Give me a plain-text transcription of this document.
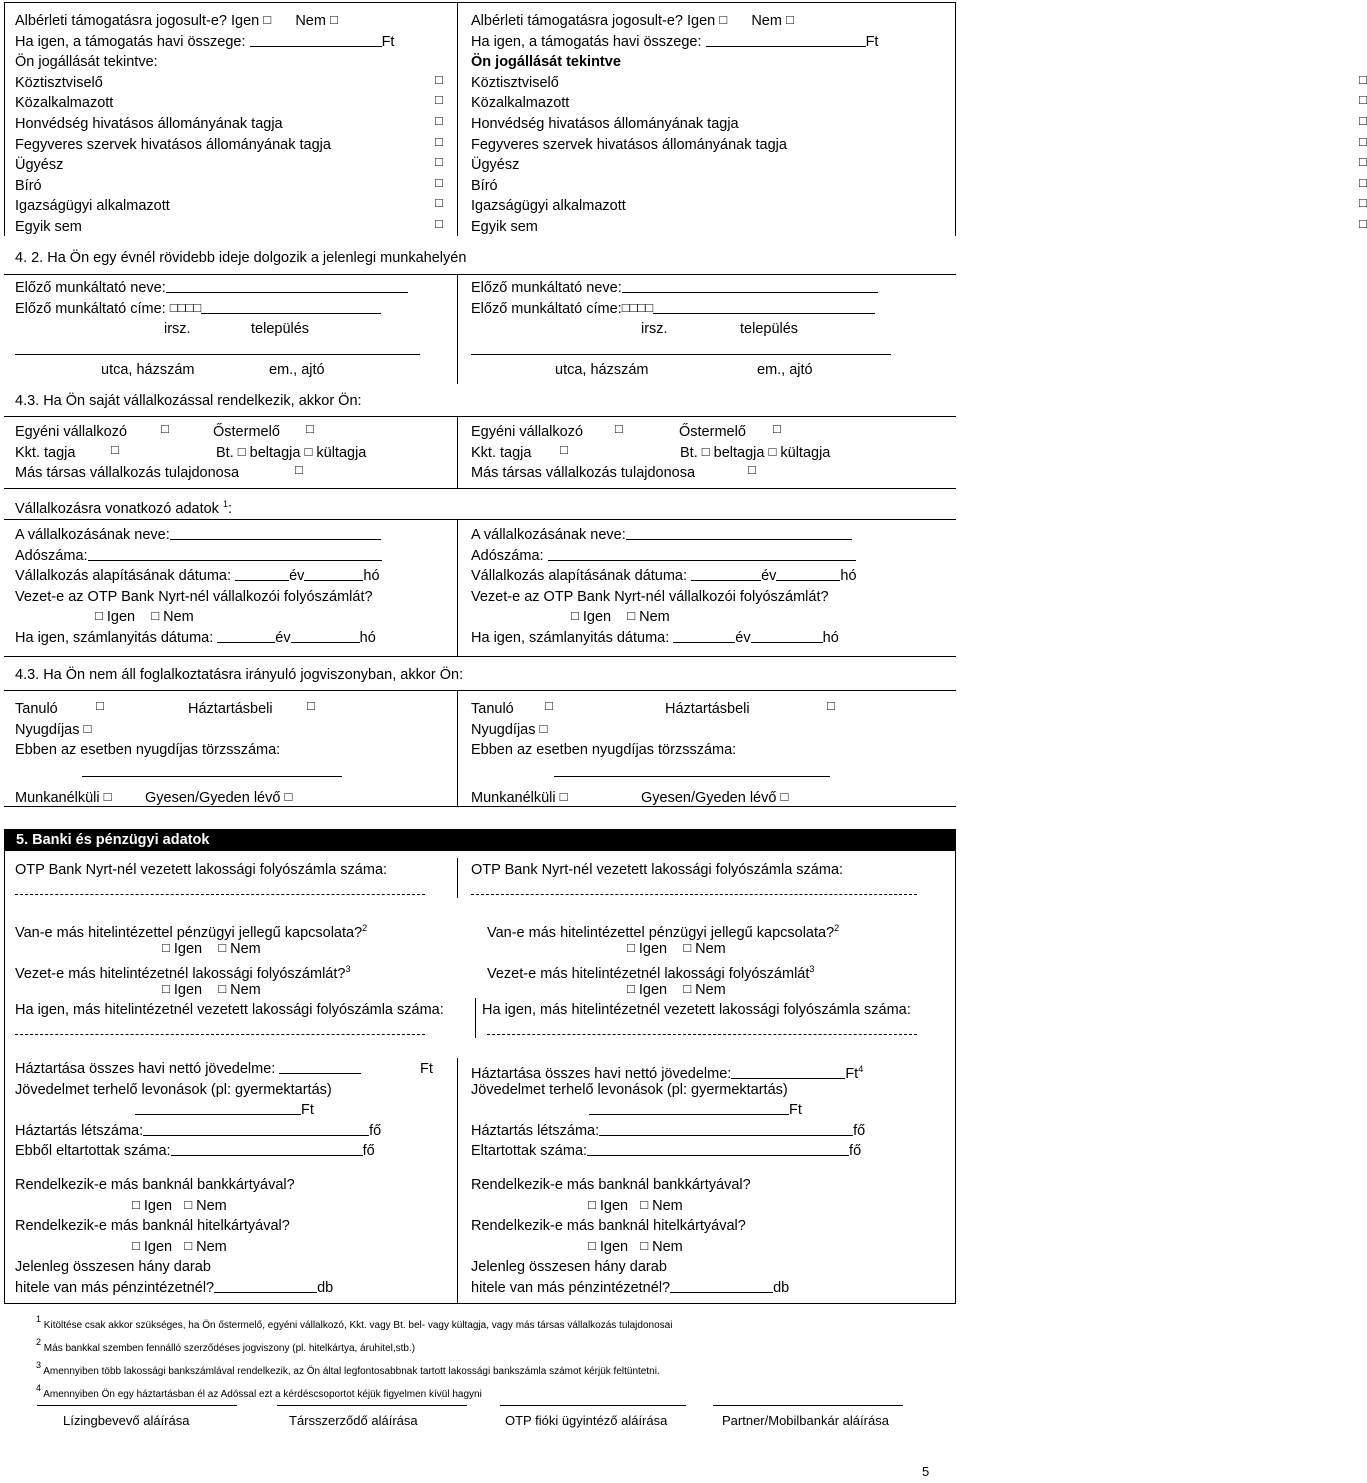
Albérleti támogatásra jogosult-e? Igen □ Nem □
Ha igen, a támogatás havi összege:	Ft
Ön jogállását tekintve:
Köztisztviselő	□
Közalkalmazott	□
Honvédség hivatásos állományának tagja	□
Fegyveres szervek hivatásos állományának tagja	□
Ügyész	□
Bíró	□
Igazságügyi alkalmazott	□
Egyik sem	□
Albérleti támogatásra jogosult-e? Igen □ Nem □
Ha igen, a támogatás havi összege:	Ft
Ön jogállását tekintve
Köztisztviselő	□
Közalkalmazott	□
Honvédség hivatásos állományának tagja	□
Fegyveres szervek hivatásos állományának tagja	□
Ügyész	□
Bíró	□
Igazságügyi alkalmazott	□
Egyik sem	□
4. 2. Ha Ön egy évnél rövidebb ideje dolgozik a jelenlegi munkahelyén
Előző munkáltató neve:
Előző munkáltató címe: □□□□
irsz.	település
utca, házszám	em., ajtó
Előző munkáltató neve:
Előző munkáltató címe:□□□□
irsz.	település
utca, házszám	em., ajtó
4.3. Ha Ön saját vállalkozással rendelkezik, akkor Ön:
Egyéni vállalkozó	□	Őstermelő □
Kkt. tagja	□	Bt. □ beltagja □ kültagja
Más társas vállalkozás tulajdonosa	□
Egyéni vállalkozó □	Őstermelő □
Kkt. tagja □	Bt. □ beltagja □ kültagja
Más társas vállalkozás tulajdonosa	□
Vállalkozásra vonatkozó adatok $^1$:
A vállalkozásának neve:
Adószáma:
Vállalkozás alapításának dátuma:	év	hó
Vezet-e az OTP Bank Nyrt-nél vállalkozói folyószámlát?
□ Igen □ Nem
Ha igen, számlanyitás dátuma:	év	hó
A vállalkozásának neve:
Adószáma:
Vállalkozás alapításának dátuma:	év	hó
Vezet-e az OTP Bank Nyrt-nél vállalkozói folyószámlát?
□ Igen □ Nem
Ha igen, számlanyitás dátuma:	év	hó
4.3. Ha Ön nem áll foglalkoztatásra irányuló jogviszonyban, akkor Ön:
Tanuló	□	Háztartásbeli	□
Nyugdíjas □
Ebben az esetben nyugdíjas törzsszáma:
Munkanélküli □ Gyesen/Gyeden lévő □
Tanuló □	Háztartásbeli	□
Nyugdíjas □
Ebben az esetben nyugdíjas törzsszáma:
Munkanélküli □	Gyesen/Gyeden lévő □
5. Banki és pénzügyi adatok
OTP Bank Nyrt-nél vezetett lakossági folyószámla száma:	OTP Bank Nyrt-nél vezetett lakossági folyószámla száma:
Van-e más hitelintézettel pénzügyi jellegű kapcsolata?$^2$
□ Igen □ Nem
Vezet-e más hitelintézetnél lakossági folyószámlát?$^3$
□ Igen □ Nem
Ha igen, más hitelintézetnél vezetett lakossági folyószámla száma:
Van-e más hitelintézettel pénzügyi jellegű kapcsolata?$^2$
□ Igen □ Nem
Vezet-e más hitelintézetnél lakossági folyószámlát$^3$
□ Igen □ Nem
Ha igen, más hitelintézetnél vezetett lakossági folyószámla száma:
Háztartása összes havi nettó jövedelme:	Ft
Jövedelmet terhelő levonások (pl: gyermektartás)
Ft
Háztartás létszáma:	fő
Ebből eltartottak száma:	fő
Háztartása összes havi nettó jövedelme:	Ft$^4$
Jövedelmet terhelő levonások (pl: gyermektartás)
Ft
Háztartás létszáma:	fő
Eltartottak száma:	fő
Rendelkezik-e más banknál bankkártyával?
□ Igen □ Nem
Rendelkezik-e más banknál hitelkártyával?
□ Igen □ Nem
Jelenleg összesen hány darab
hitele van más pénzintézetnél?	db
Rendelkezik-e más banknál bankkártyával?
□ Igen □ Nem
Rendelkezik-e más banknál hitelkártyával?
□ Igen □ Nem
Jelenleg összesen hány darab
hitele van más pénzintézetnél?	db
1 Kitöltése csak akkor szükséges, ha Ön őstermelő, egyéni vállalkozó, Kkt. vagy Bt. bel- vagy kültagja, vagy más társas vállalkozás tulajdonosai
2 Más bankkal szemben fennálló szerződéses jogviszony (pl. hitelkártya, áruhitel,stb.)
3 Amennyiben több lakossági bankszámlával rendelkezik, az Ön által legfontosabbnak tartott lakossági bankszámla számot kérjük feltüntetni.
4 Amennyiben Ön egy háztartásban él az Adóssal ezt a kérdéscsoportot kéjük figyelmen kívül hagyni
Lízingbevevő aláírása	Társszerződő aláírása	OTP fióki ügyintéző aláírása	Partner/Mobilbankár aláírása
5
